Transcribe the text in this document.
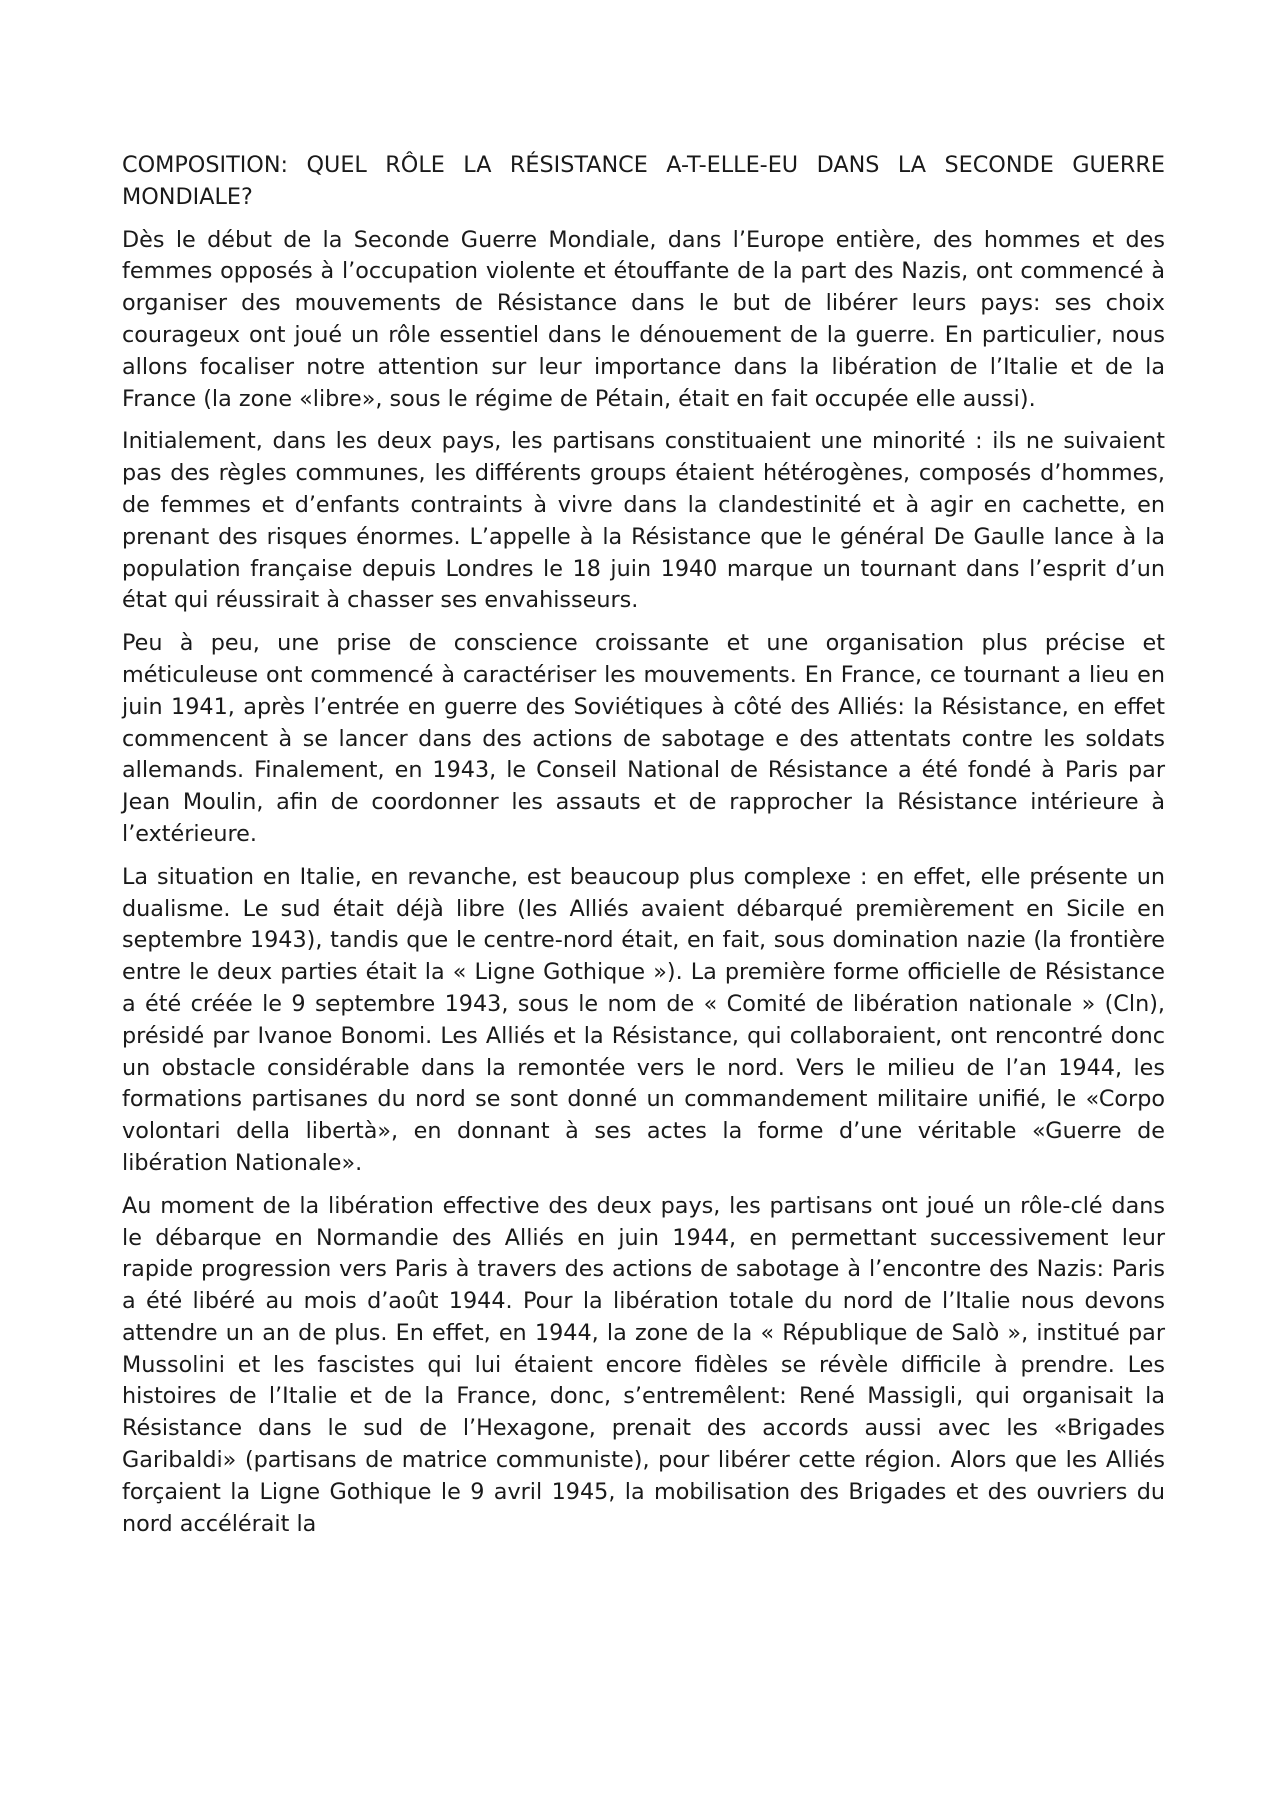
COMPOSITION: QUEL RÔLE LA RÉSISTANCE A-T-ELLE-EU DANS LA SECONDE GUERRE MONDIALE?

Dès le début de la Seconde Guerre Mondiale, dans l’Europe entière, des hommes et des femmes opposés à l’occupation violente et étouffante de la part des Nazis, ont commencé à organiser des mouvements de Résistance dans le but de libérer leurs pays: ses choix courageux ont joué un rôle essentiel dans le dénouement de la guerre. En particulier, nous allons focaliser notre attention sur leur importance dans la libération de l’Italie et de la France (la zone «libre», sous le régime de Pétain, était en fait occupée elle aussi).

Initialement, dans les deux pays, les partisans constituaient une minorité : ils ne suivaient pas des règles communes, les différents groups étaient hétérogènes, composés d’hommes, de femmes et d’enfants contraints à vivre dans la clandestinité et à agir en cachette, en prenant des risques énormes. L’appelle à la Résistance que le général De Gaulle lance à la population française depuis Londres le 18 juin 1940 marque un tournant dans l’esprit d’un état qui réussirait à chasser ses envahisseurs.

Peu à peu, une prise de conscience croissante et une organisation plus précise et méticuleuse ont commencé à caractériser les mouvements. En France, ce tournant a lieu en juin 1941, après l’entrée en guerre des Soviétiques à côté des Alliés: la Résistance, en effet commencent à se lancer dans des actions de sabotage e des attentats contre les soldats allemands. Finalement, en 1943, le Conseil National de Résistance a été fondé à Paris par Jean Moulin, afin de coordonner les assauts et de rapprocher la Résistance intérieure à l’extérieure.

La situation en Italie, en revanche, est beaucoup plus complexe : en effet, elle présente un dualisme. Le sud était déjà libre (les Alliés avaient débarqué premièrement en Sicile en septembre 1943), tandis que le centre-nord était, en fait, sous domination nazie (la frontière entre le deux parties était la « Ligne Gothique »). La première forme officielle de Résistance a été créée le 9 septembre 1943, sous le nom de « Comité de libération nationale » (Cln), présidé par Ivanoe Bonomi. Les Alliés et la Résistance, qui collaboraient, ont rencontré donc un obstacle considérable dans la remontée vers le nord. Vers le milieu de l’an 1944, les formations partisanes du nord se sont donné un commandement militaire unifié, le «Corpo volontari della libertà», en donnant à ses actes la forme d’une véritable «Guerre de libération Nationale».

Au moment de la libération effective des deux pays, les partisans ont joué un rôle-clé dans le débarque en Normandie des Alliés en juin 1944, en permettant successivement leur rapide progression vers Paris à travers des actions de sabotage à l’encontre des Nazis: Paris a été libéré au mois d’août 1944. Pour la libération totale du nord de l’Italie nous devons attendre un an de plus. En effet, en 1944, la zone de la « République de Salò », institué par Mussolini et les fascistes qui lui étaient encore fidèles se révèle difficile à prendre. Les histoires de l’Italie et de la France, donc, s’entremêlent: René Massigli, qui organisait la Résistance dans le sud de l’Hexagone, prenait des accords aussi avec les «Brigades Garibaldi» (partisans de matrice communiste), pour libérer cette région. Alors que les Alliés forçaient la Ligne Gothique le 9 avril 1945, la mobilisation des Brigades et des ouvriers du nord accélérait la
